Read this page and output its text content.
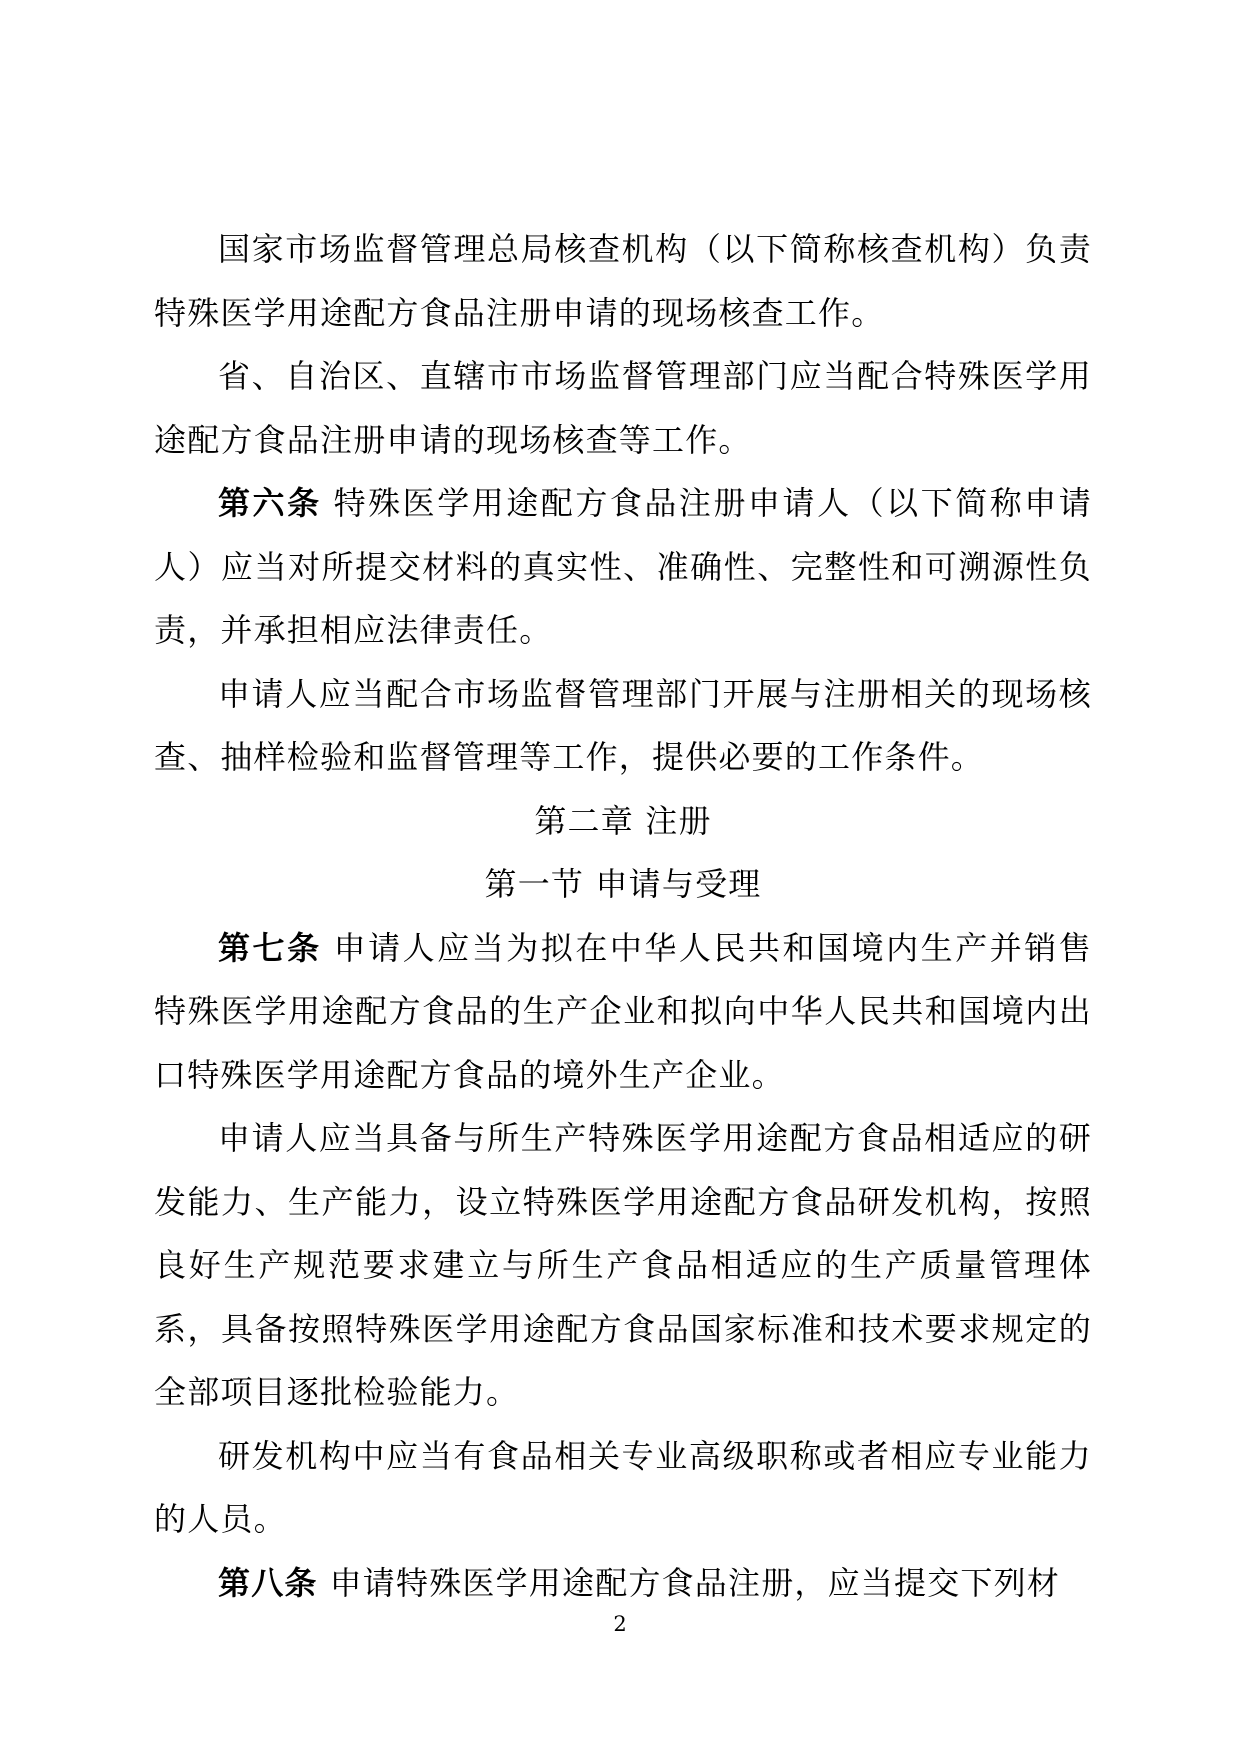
国家市场监督管理总局核查机构（以下简称核查机构）负责特殊医学用途配方食品注册申请的现场核查工作。

省、自治区、直辖市市场监督管理部门应当配合特殊医学用途配方食品注册申请的现场核查等工作。

第六条 特殊医学用途配方食品注册申请人（以下简称申请人）应当对所提交材料的真实性、准确性、完整性和可溯源性负责，并承担相应法律责任。

申请人应当配合市场监督管理部门开展与注册相关的现场核查、抽样检验和监督管理等工作，提供必要的工作条件。

第二章 注册

第一节 申请与受理

第七条 申请人应当为拟在中华人民共和国境内生产并销售特殊医学用途配方食品的生产企业和拟向中华人民共和国境内出口特殊医学用途配方食品的境外生产企业。

申请人应当具备与所生产特殊医学用途配方食品相适应的研发能力、生产能力，设立特殊医学用途配方食品研发机构，按照良好生产规范要求建立与所生产食品相适应的生产质量管理体系，具备按照特殊医学用途配方食品国家标准和技术要求规定的全部项目逐批检验能力。

研发机构中应当有食品相关专业高级职称或者相应专业能力的人员。

第八条 申请特殊医学用途配方食品注册，应当提交下列材

2
